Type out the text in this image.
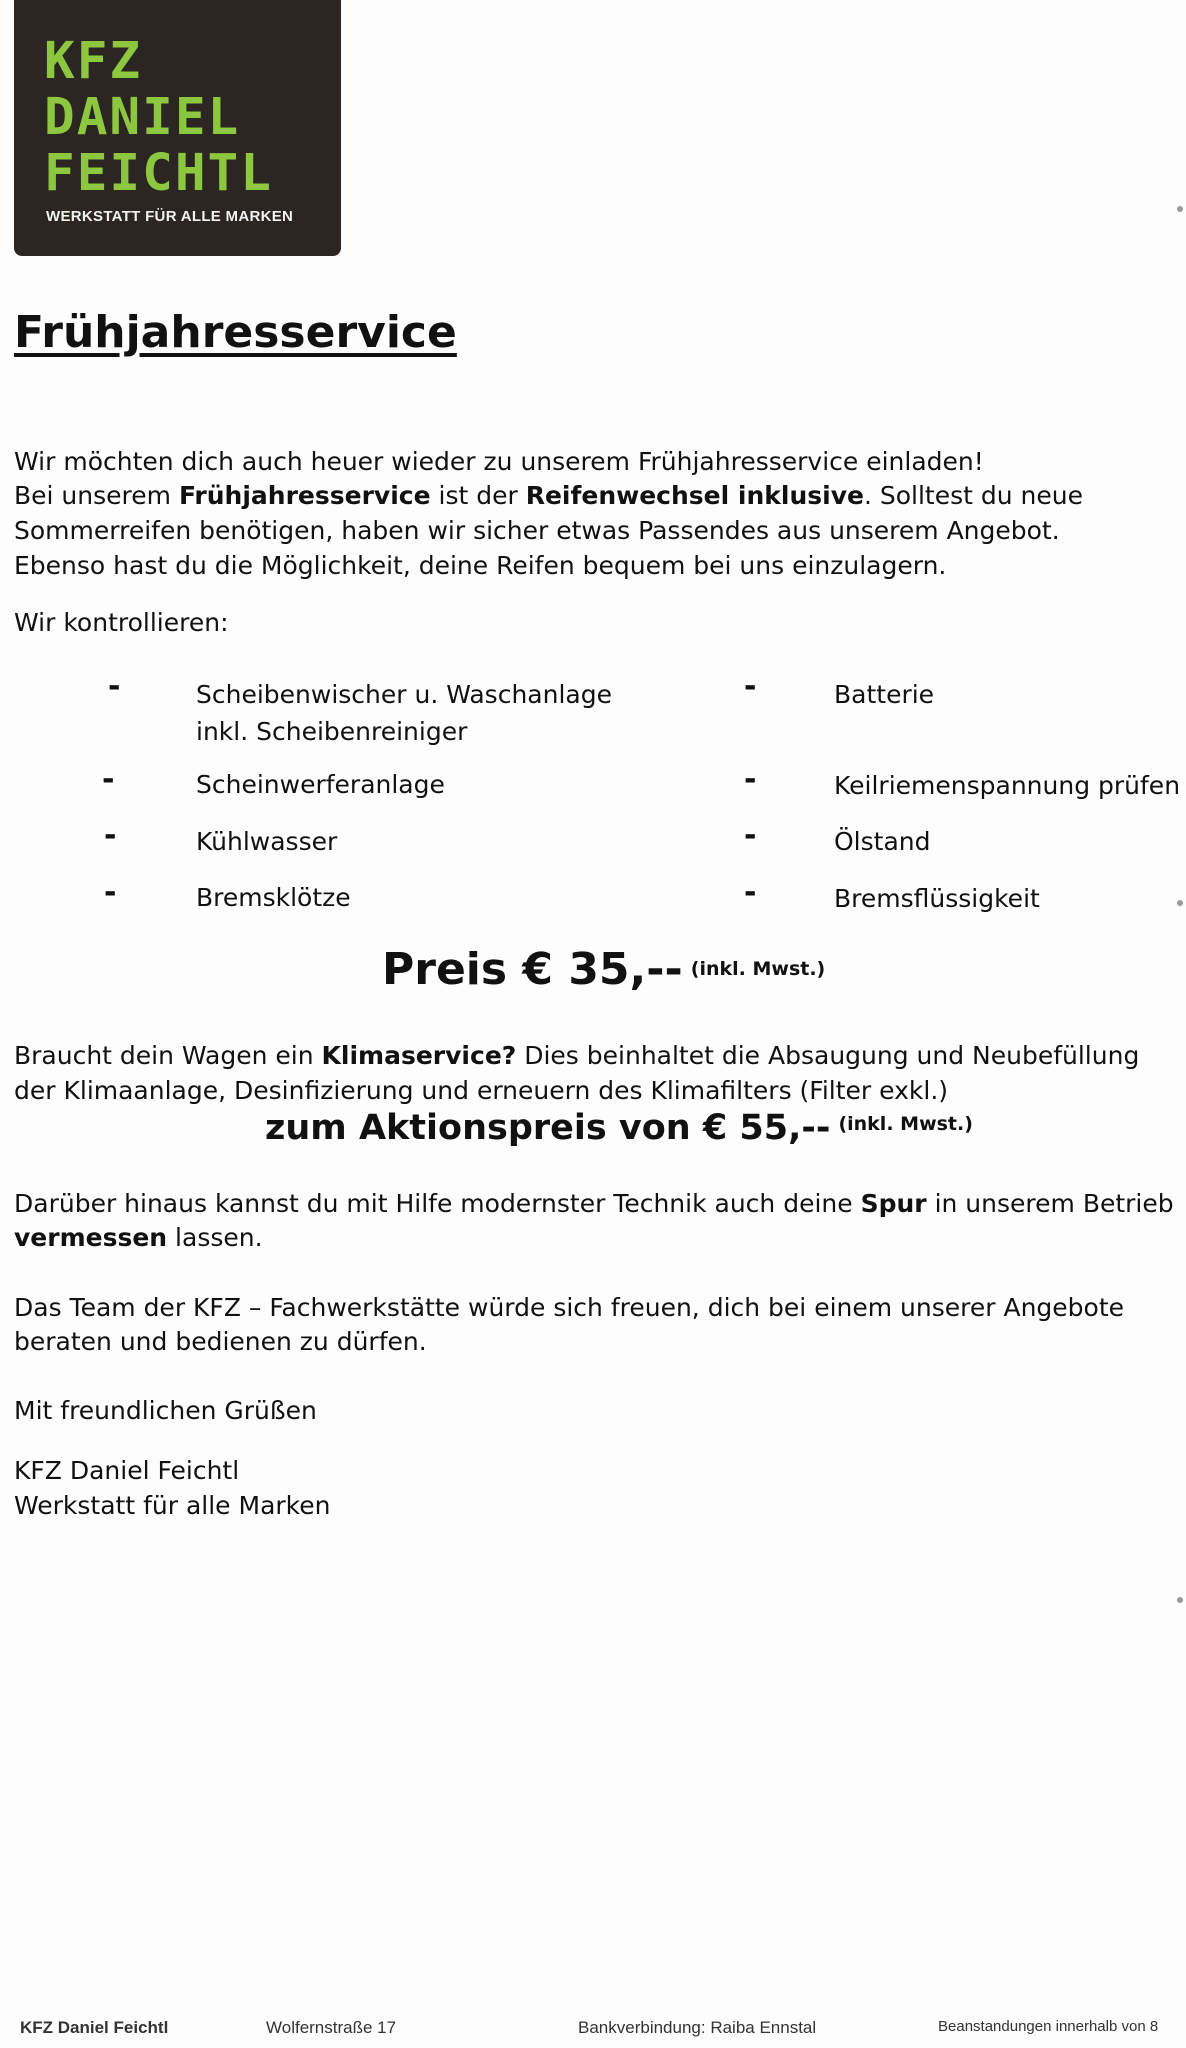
KFZ
DANIEL
FEICHTL
WERKSTATT FÜR ALLE MARKEN
Frühjahresservice

Wir möchten dich auch heuer wieder zu unserem Frühjahresservice einladen!

Bei unserem Frühjahresservice ist der Reifenwechsel inklusive. Solltest du neue

Sommerreifen benötigen, haben wir sicher etwas Passendes aus unserem Angebot.

Ebenso hast du die Möglichkeit, deine Reifen bequem bei uns einzulagern.

Wir kontrollieren:

-	Scheibenwischer u. Waschanlage
inkl. Scheibenreiniger
-	Scheinwerferanlage
-	Kühlwasser
-	Bremsklötze
-	Batterie
-	Keilriemenspannung prüfen
-	Ölstand
-	Bremsflüssigkeit
Preis € 35,-- (inkl. Mwst.)

Braucht dein Wagen ein Klimaservice? Dies beinhaltet die Absaugung und Neubefüllung

der Klimaanlage, Desinfizierung und erneuern des Klimafilters (Filter exkl.)

zum Aktionspreis von € 55,-- $^{(inkl. Mwst.)}$

Darüber hinaus kannst du mit Hilfe modernster Technik auch deine Spur in unserem Betrieb

vermessen lassen.

Das Team der KFZ – Fachwerkstätte würde sich freuen, dich bei einem unserer Angebote

beraten und bedienen zu dürfen.

Mit freundlichen Grüßen

KFZ Daniel Feichtl

Werkstatt für alle Marken

KFZ Daniel Feichtl	Wolfernstraße 17	Bankverbindung: Raiba Ennstal	Beanstandungen innerhalb von 8
